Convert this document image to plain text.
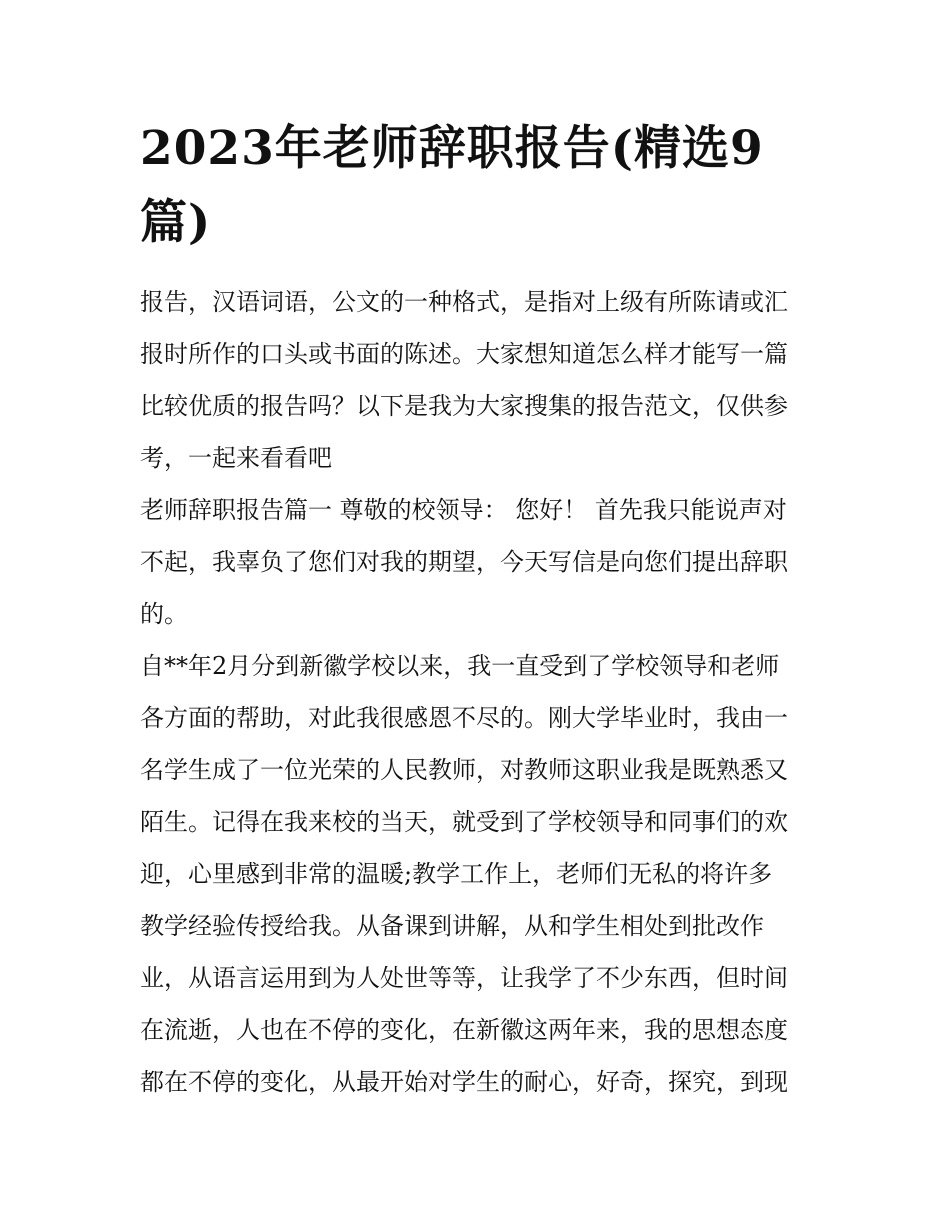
2023年老师辞职报告(精选9
篇)
报告，汉语词语，公文的一种格式，是指对上级有所陈请或汇
报时所作的口头或书面的陈述。大家想知道怎么样才能写一篇
比较优质的报告吗？以下是我为大家搜集的报告范文，仅供参
考，一起来看看吧
老师辞职报告篇一 尊敬的校领导： 您好！ 首先我只能说声对
不起，我辜负了您们对我的期望，今天写信是向您们提出辞职
的。
自**年2月分到新徽学校以来，我一直受到了学校领导和老师
各方面的帮助，对此我很感恩不尽的。刚大学毕业时，我由一
名学生成了一位光荣的人民教师，对教师这职业我是既熟悉又
陌生。记得在我来校的当天，就受到了学校领导和同事们的欢
迎，心里感到非常的温暖;教学工作上，老师们无私的将许多
教学经验传授给我。从备课到讲解，从和学生相处到批改作
业，从语言运用到为人处世等等，让我学了不少东西，但时间
在流逝，人也在不停的变化，在新徽这两年来，我的思想态度
都在不停的变化，从最开始对学生的耐心，好奇，探究，到现
